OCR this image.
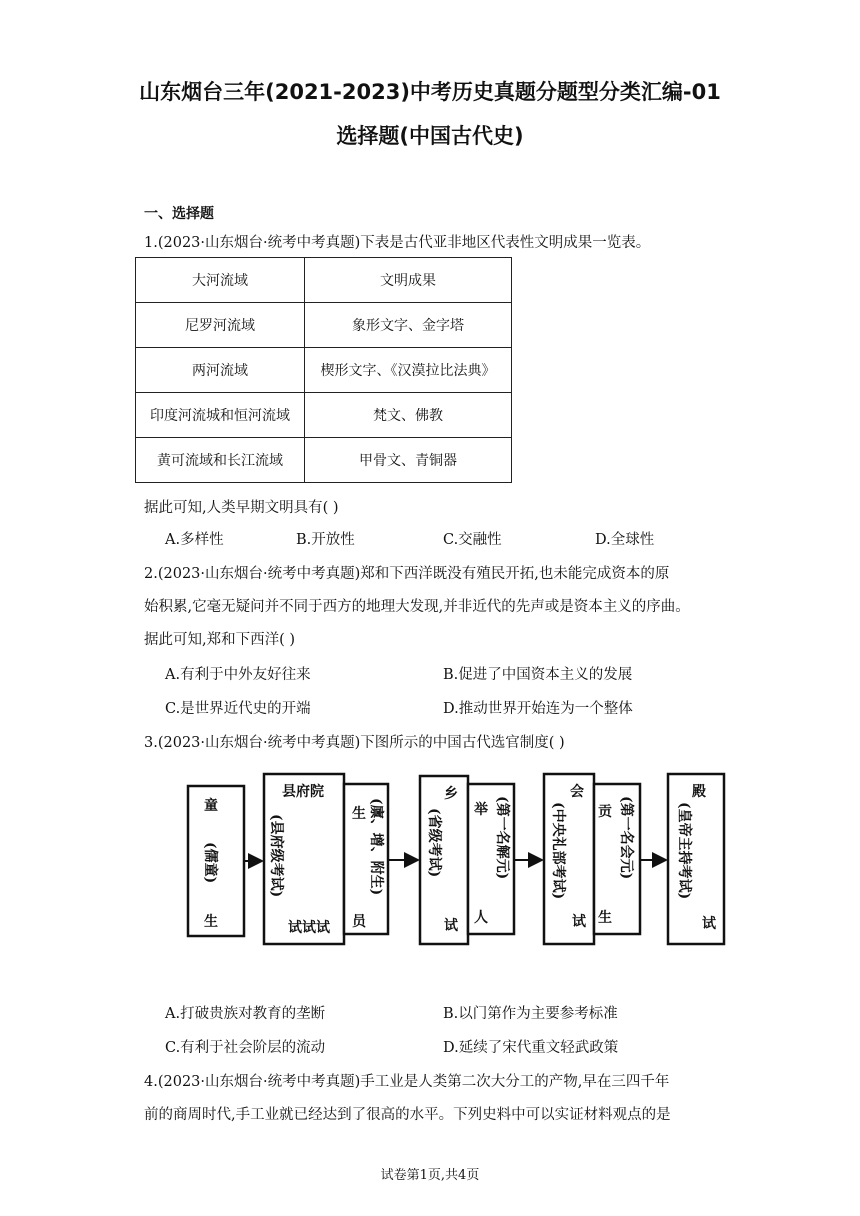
山东烟台三年(2021-2023)中考历史真题分题型分类汇编-01
选择题(中国古代史)
一、选择题
1.(2023·山东烟台·统考中考真题)下表是古代亚非地区代表性文明成果一览表。
大河流域	文明成果
尼罗河流域	象形文字、金字塔
两河流域	楔形文字、《汉漠拉比法典》
印度河流城和恒河流域	梵文、佛教
黄可流域和长江流域	甲骨文、青铜器
据此可知,人类早期文明具有( )
A.多样性	B.开放性	C.交融性	D.全球性
2.(2023·山东烟台·统考中考真题)郑和下西洋既没有殖民开拓,也未能完成资本的原
始积累,它毫无疑问并不同于西方的地理大发现,并非近代的先声或是资本主义的序曲。
据此可知,郑和下西洋( )
A.有利于中外友好往来	B.促进了中国资本主义的发展
C.是世界近代史的开端	D.推动世界开始连为一个整体
3.(2023·山东烟台·统考中考真题)下图所示的中国古代选官制度( )
童
(儒童)
生
县府院
(县府级考试)
试试试
生
员
(廪、增、附生)
乡
(省级考试)
试
举
人
(第一名解元)
会
(中央礼部考试)
试
贡
生
(第一名会元)
殿
(皇帝主持考试)
试
A.打破贵族对教育的垄断	B.以门第作为主要参考标准
C.有利于社会阶层的流动	D.延续了宋代重文轻武政策
4.(2023·山东烟台·统考中考真题)手工业是人类第二次大分工的产物,早在三四千年
前的商周时代,手工业就已经达到了很高的水平。下列史料中可以实证材料观点的是
试卷第1页,共4页
